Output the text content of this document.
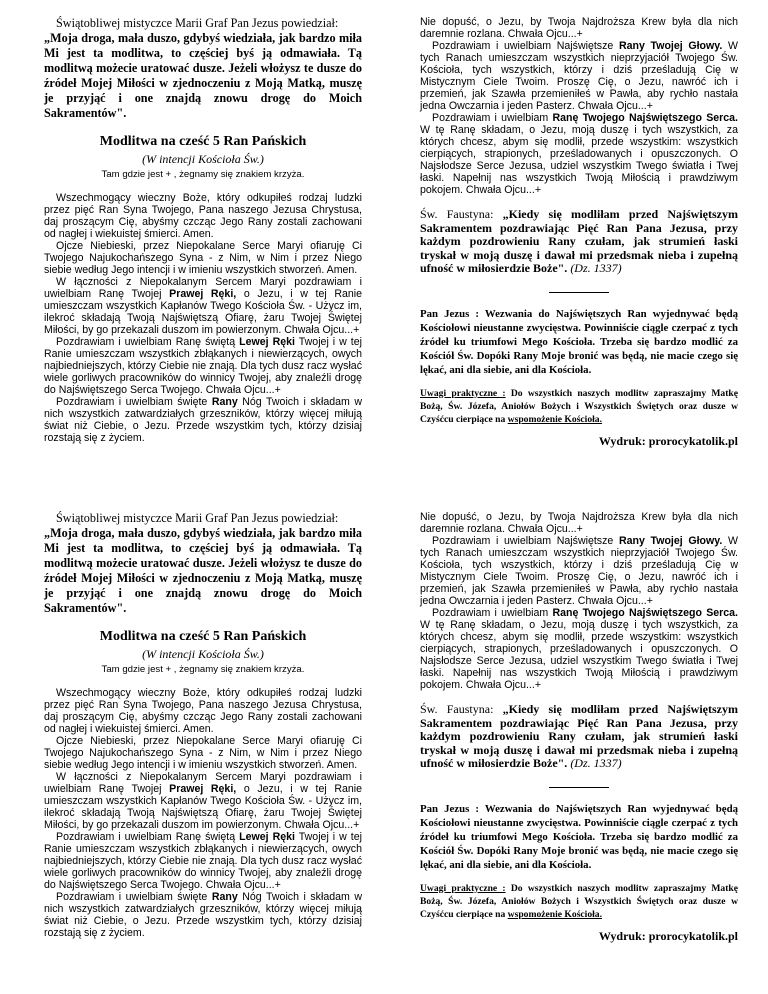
Świątobliwej mistyczce Marii Graf Pan Jezus powiedział:
„Moja droga, mała duszo, gdybyś wiedziała, jak bardzo miła Mi jest ta modlitwa, to częściej byś ją odmawiała. Tą modlitwą możecie uratować dusze. Jeżeli włożysz te dusze do źródeł Mojej Miłości w zjednoczeniu z Moją Matką, muszę je przyjąć i one znajdą znowu drogę do Moich Sakramentów".
Modlitwa na cześć 5 Ran Pańskich
(W intencji Kościoła Św.)
Tam gdzie jest + , żegnamy się znakiem krzyża.

Wszechmogący wieczny Boże, który odkupiłeś rodzaj ludzki przez pięć Ran Syna Twojego, Pana naszego Jezusa Chrystusa, daj proszącym Cię, abyśmy czcząc Jego Rany zostali zachowani od nagłej i wiekuistej śmierci. Amen.

Ojcze Niebieski, przez Niepokalane Serce Maryi ofiaruję Ci Twojego Najukochańszego Syna - z Nim, w Nim i przez Niego siebie według Jego intencji i w imieniu wszystkich stworzeń. Amen.

W łączności z Niepokalanym Sercem Maryi pozdrawiam i uwielbiam Ranę Twojej Prawej Ręki, o Jezu, i w tej Ranie umieszczam wszystkich Kapłanów Twego Kościoła Św. - Użycz im, ilekroć składają Twoją Najświętszą Ofiarę, żaru Twojej Świętej Miłości, by go przekazali duszom im powierzonym. Chwała Ojcu...+

Pozdrawiam i uwielbiam Ranę świętą Lewej Ręki Twojej i w tej Ranie umieszczam wszystkich zbłąkanych i niewierzących, owych najbiedniejszych, którzy Ciebie nie znają. Dla tych dusz racz wysłać wiele gorliwych pracowników do winnicy Twojej, aby znaleźli drogę do Najświętszego Serca Twojego. Chwała Ojcu...+

Pozdrawiam i uwielbiam święte Rany Nóg Twoich i składam w nich wszystkich zatwardziałych grzeszników, którzy więcej miłują świat niż Ciebie, o Jezu. Przede wszystkim tych, którzy dzisiaj rozstają się z życiem.

Nie dopuść, o Jezu, by Twoja Najdroższa Krew była dla nich daremnie rozlana. Chwała Ojcu...+

Pozdrawiam i uwielbiam Najświętsze Rany Twojej Głowy. W tych Ranach umieszczam wszystkich nieprzyjaciół Twojego Św. Kościoła, tych wszystkich, którzy i dziś prześladują Cię w Mistycznym Ciele Twoim. Proszę Cię, o Jezu, nawróć ich i przemień, jak Szawła przemieniłeś w Pawła, aby rychło nastała jedna Owczarnia i jeden Pasterz. Chwała Ojcu...+

Pozdrawiam i uwielbiam Ranę Twojego Najświętszego Serca. W tę Ranę składam, o Jezu, moją duszę i tych wszystkich, za których chcesz, abym się modlił, przede wszystkim: wszystkich cierpiących, strapionych, prześladowanych i opuszczonych. O Najsłodsze Serce Jezusa, udziel wszystkim Twego światła i Twej łaski. Napełnij nas wszystkich Twoją Miłością i prawdziwym pokojem. Chwała Ojcu...+

Św. Faustyna: „Kiedy się modliłam przed Najświętszym Sakramentem pozdrawiając Pięć Ran Pana Jezusa, przy każdym pozdrowieniu Rany czułam, jak strumień łaski tryskał w moją duszę i dawał mi przedsmak nieba i zupełną ufność w miłosierdzie Boże". (Dz. 1337)
Pan Jezus : Wezwania do Najświętszych Ran wyjednywać będą Kościołowi nieustanne zwycięstwa. Powinniście ciągle czerpać z tych źródeł ku triumfowi Mego Kościoła. Trzeba się bardzo modlić za Kościół Św. Dopóki Rany Moje bronić was będą, nie macie czego się lękać, ani dla siebie, ani dla Kościoła.
Uwagi praktyczne : Do wszystkich naszych modlitw zapraszajmy Matkę Bożą, Św. Józefa, Aniołów Bożych i Wszystkich Świętych oraz dusze w Czyśćcu cierpiące na wspomożenie Kościoła.
Wydruk: prorocykatolik.pl
Świątobliwej mistyczce Marii Graf Pan Jezus powiedział:
„Moja droga, mała duszo, gdybyś wiedziała, jak bardzo miła Mi jest ta modlitwa, to częściej byś ją odmawiała. Tą modlitwą możecie uratować dusze. Jeżeli włożysz te dusze do źródeł Mojej Miłości w zjednoczeniu z Moją Matką, muszę je przyjąć i one znajdą znowu drogę do Moich Sakramentów".
Modlitwa na cześć 5 Ran Pańskich
(W intencji Kościoła Św.)
Tam gdzie jest + , żegnamy się znakiem krzyża.

Wszechmogący wieczny Boże, który odkupiłeś rodzaj ludzki przez pięć Ran Syna Twojego, Pana naszego Jezusa Chrystusa, daj proszącym Cię, abyśmy czcząc Jego Rany zostali zachowani od nagłej i wiekuistej śmierci. Amen.

Ojcze Niebieski, przez Niepokalane Serce Maryi ofiaruję Ci Twojego Najukochańszego Syna - z Nim, w Nim i przez Niego siebie według Jego intencji i w imieniu wszystkich stworzeń. Amen.

W łączności z Niepokalanym Sercem Maryi pozdrawiam i uwielbiam Ranę Twojej Prawej Ręki, o Jezu, i w tej Ranie umieszczam wszystkich Kapłanów Twego Kościoła Św. - Użycz im, ilekroć składają Twoją Najświętszą Ofiarę, żaru Twojej Świętej Miłości, by go przekazali duszom im powierzonym. Chwała Ojcu...+

Pozdrawiam i uwielbiam Ranę świętą Lewej Ręki Twojej i w tej Ranie umieszczam wszystkich zbłąkanych i niewierzących, owych najbiedniejszych, którzy Ciebie nie znają. Dla tych dusz racz wysłać wiele gorliwych pracowników do winnicy Twojej, aby znaleźli drogę do Najświętszego Serca Twojego. Chwała Ojcu...+

Pozdrawiam i uwielbiam święte Rany Nóg Twoich i składam w nich wszystkich zatwardziałych grzeszników, którzy więcej miłują świat niż Ciebie, o Jezu. Przede wszystkim tych, którzy dzisiaj rozstają się z życiem.

Nie dopuść, o Jezu, by Twoja Najdroższa Krew była dla nich daremnie rozlana. Chwała Ojcu...+

Pozdrawiam i uwielbiam Najświętsze Rany Twojej Głowy. W tych Ranach umieszczam wszystkich nieprzyjaciół Twojego Św. Kościoła, tych wszystkich, którzy i dziś prześladują Cię w Mistycznym Ciele Twoim. Proszę Cię, o Jezu, nawróć ich i przemień, jak Szawła przemieniłeś w Pawła, aby rychło nastała jedna Owczarnia i jeden Pasterz. Chwała Ojcu...+

Pozdrawiam i uwielbiam Ranę Twojego Najświętszego Serca. W tę Ranę składam, o Jezu, moją duszę i tych wszystkich, za których chcesz, abym się modlił, przede wszystkim: wszystkich cierpiących, strapionych, prześladowanych i opuszczonych. O Najsłodsze Serce Jezusa, udziel wszystkim Twego światła i Twej łaski. Napełnij nas wszystkich Twoją Miłością i prawdziwym pokojem. Chwała Ojcu...+

Św. Faustyna: „Kiedy się modliłam przed Najświętszym Sakramentem pozdrawiając Pięć Ran Pana Jezusa, przy każdym pozdrowieniu Rany czułam, jak strumień łaski tryskał w moją duszę i dawał mi przedsmak nieba i zupełną ufność w miłosierdzie Boże". (Dz. 1337)
Pan Jezus : Wezwania do Najświętszych Ran wyjednywać będą Kościołowi nieustanne zwycięstwa. Powinniście ciągle czerpać z tych źródeł ku triumfowi Mego Kościoła. Trzeba się bardzo modlić za Kościół Św. Dopóki Rany Moje bronić was będą, nie macie czego się lękać, ani dla siebie, ani dla Kościoła.
Uwagi praktyczne : Do wszystkich naszych modlitw zapraszajmy Matkę Bożą, Św. Józefa, Aniołów Bożych i Wszystkich Świętych oraz dusze w Czyśćcu cierpiące na wspomożenie Kościoła.
Wydruk: prorocykatolik.pl
